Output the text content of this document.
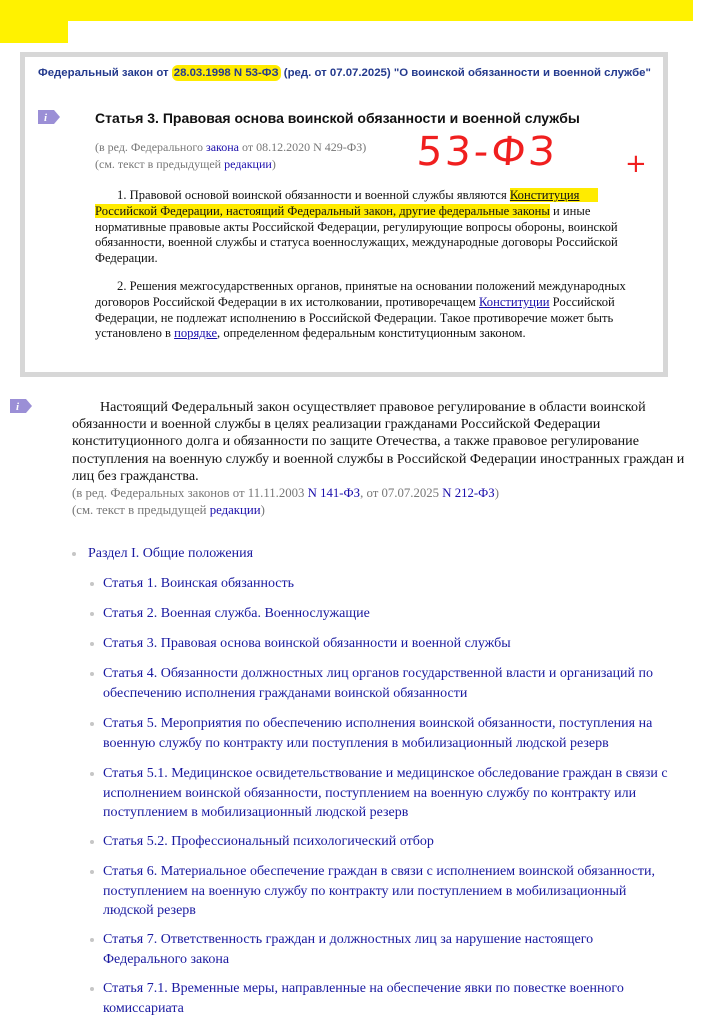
Федеральный закон от 28.03.1998 N 53-ФЗ (ред. от 07.07.2025) "О воинской обязанности и военной службе"
i	Статья 3. Правовая основа воинской обязанности и военной службы

(в ред. Федерального закона от 08.12.2020 N 429-ФЗ)

(см. текст в предыдущей редакции)	53-ФЗ	+

1. Правовой основой воинской обязанности и военной службы являются Конституция       Российской Федерации, настоящий Федеральный закон, другие федеральные законы и иные нормативные правовые акты Российской Федерации, регулирующие вопросы обороны, воинской обязанности, военной службы и статуса военнослужащих, международные договоры Российской Федерации.

2. Решения межгосударственных органов, принятые на основании положений международных договоров Российской Федерации в их истолковании, противоречащем Конституции Российской Федерации, не подлежат исполнению в Российской Федерации. Такое противоречие может быть установлено в порядке, определенном федеральным конституционным законом.

i	Настоящий Федеральный закон осуществляет правовое регулирование в области воинской обязанности и военной службы в целях реализации гражданами Российской Федерации конституционного долга и обязанности по защите Отечества, а также правовое регулирование поступления на военную службу и военной службы в Российской Федерации иностранных граждан и лиц без гражданства.
(в ред. Федеральных законов от 11.11.2003 N 141-ФЗ, от 07.07.2025 N 212-ФЗ)
(см. текст в предыдущей редакции)
Раздел I. Общие положения
Статья 1. Воинская обязанность
Статья 2. Военная служба. Военнослужащие
Статья 3. Правовая основа воинской обязанности и военной службы
Статья 4. Обязанности должностных лиц органов государственной власти и организаций по обеспечению исполнения гражданами воинской обязанности
Статья 5. Мероприятия по обеспечению исполнения воинской обязанности, поступления на военную службу по контракту или поступления в мобилизационный людской резерв
Статья 5.1. Медицинское освидетельствование и медицинское обследование граждан в связи с исполнением воинской обязанности, поступлением на военную службу по контракту или поступлением в мобилизационный людской резерв
Статья 5.2. Профессиональный психологический отбор
Статья 6. Материальное обеспечение граждан в связи с исполнением воинской обязанности, поступлением на военную службу по контракту или поступлением в мобилизационный людской резерв
Статья 7. Ответственность граждан и должностных лиц за нарушение настоящего Федерального закона
Статья 7.1. Временные меры, направленные на обеспечение явки по повестке военного комиссариата
